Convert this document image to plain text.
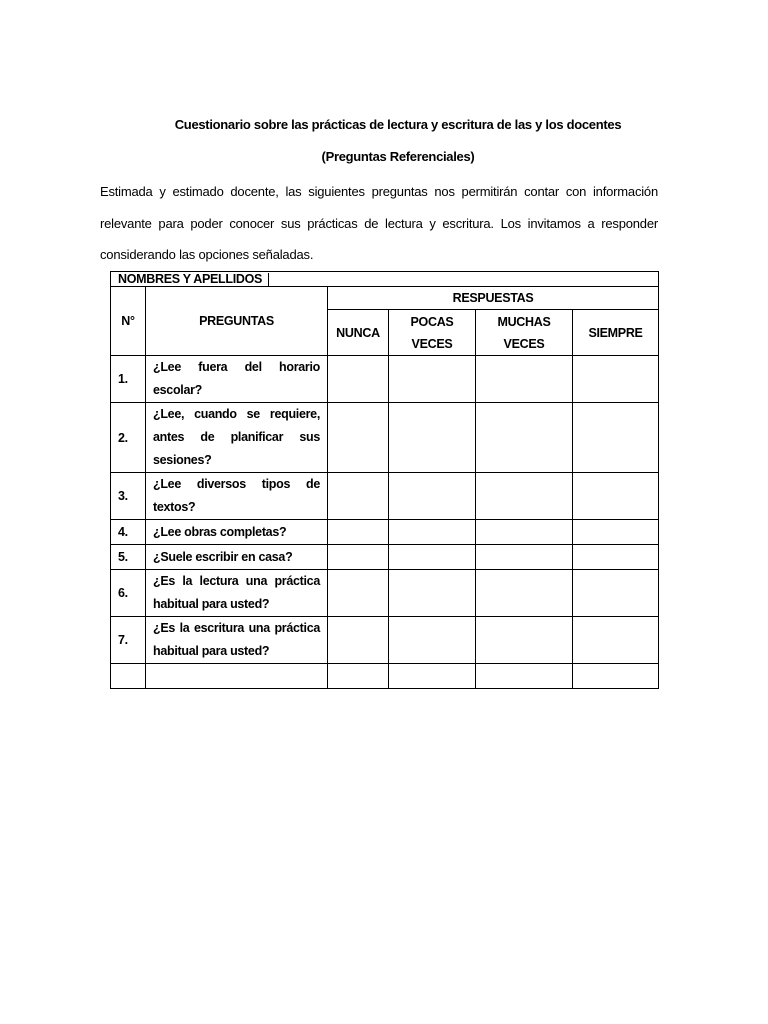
Cuestionario sobre las prácticas de lectura y escritura de las y los docentes
(Preguntas Referenciales)
Estimada y estimado docente, las siguientes preguntas nos permitirán contar con información relevante para poder conocer sus prácticas de lectura y escritura. Los invitamos a responder considerando las opciones señaladas.
NOMBRES Y APELLIDOS					
N°	PREGUNTAS	RESPUESTAS			
		NUNCA	POCAS VECES	MUCHAS VECES	SIEMPRE
1.	¿Lee fuera del horario escolar?				
2.	¿Lee, cuando se requiere, antes de planificar sus sesiones?				
3.	¿Lee diversos tipos de textos?				
4.	¿Lee obras completas?				
5.	¿Suele escribir en casa?				
6.	¿Es la lectura una práctica habitual para usted?				
7.	¿Es la escritura una práctica habitual para usted?				
